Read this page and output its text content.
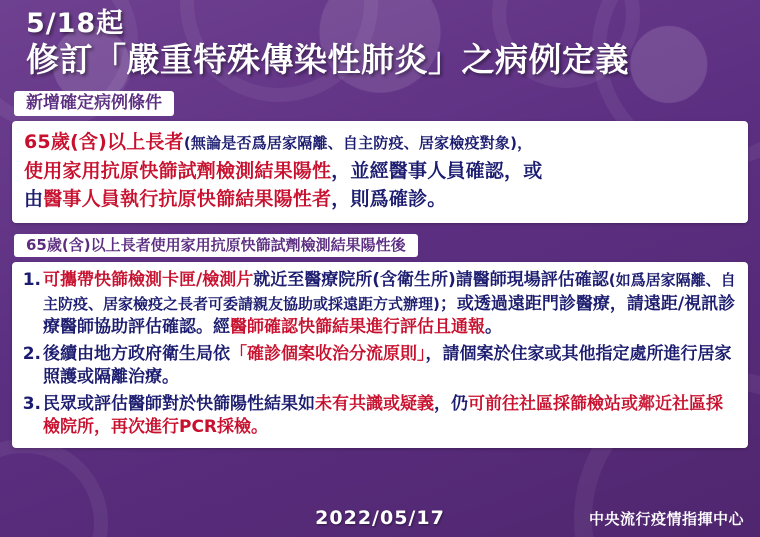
5/18起
修訂「嚴重特殊傳染性肺炎」之病例定義
新增確定病例條件

65歲(含)以上長者(無論是否爲居家隔離、自主防疫、居家檢疫對象)，

使用家用抗原快篩試劑檢測結果陽性，並經醫事人員確認，或

由醫事人員執行抗原快篩結果陽性者，則爲確診。

65歲(含)以上長者使用家用抗原快篩試劑檢測結果陽性後
1. 可攜帶快篩檢測卡匣/檢測片就近至醫療院所(含衛生所)請醫師現場評估確認(如爲居家隔離、自主防疫、居家檢疫之長者可委請親友協助或採遠距方式辦理)；或透過遠距門診醫療，請遠距/視訊診療醫師協助評估確認。經醫師確認快篩結果進行評估且通報。
2. 後續由地方政府衛生局依「確診個案收治分流原則」，請個案於住家或其他指定處所進行居家照護或隔離治療。
3. 民眾或評估醫師對於快篩陽性結果如未有共識或疑義，仍可前往社區採篩檢站或鄰近社區採檢院所，再次進行PCR採檢。
2022/05/17	中央流行疫情指揮中心
